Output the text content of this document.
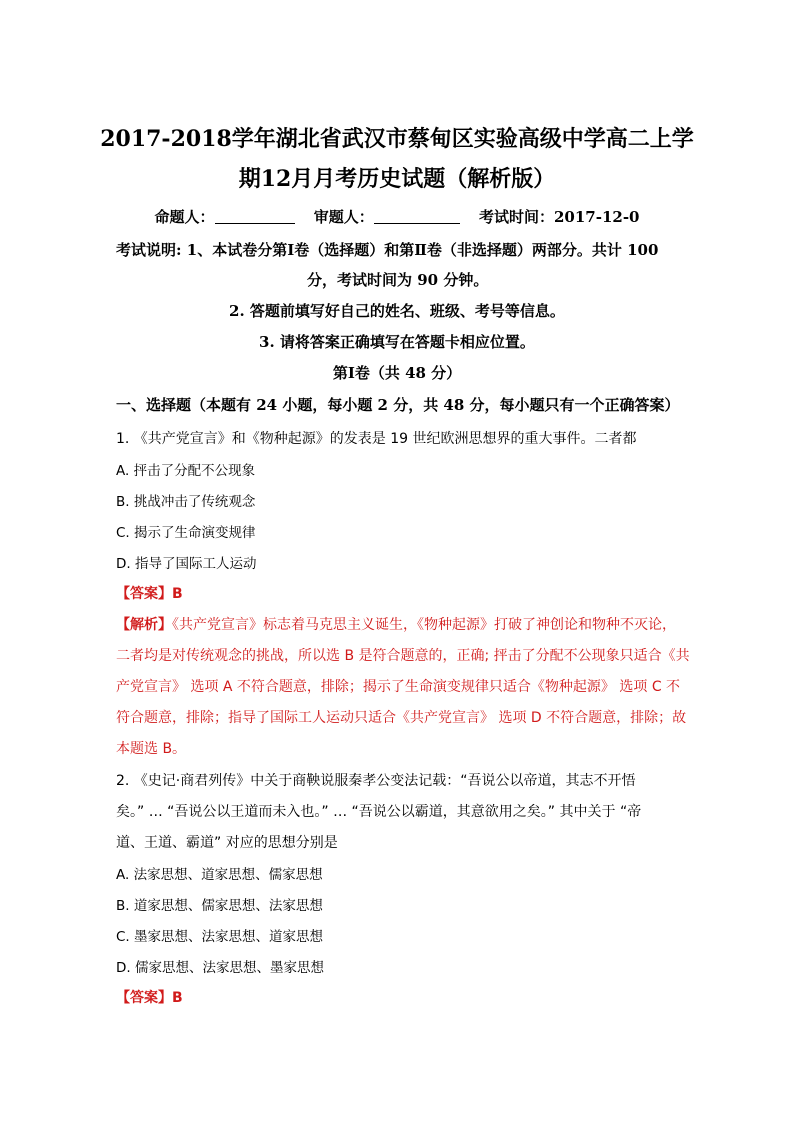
2017-2018学年湖北省武汉市蔡甸区实验高级中学高二上学
期12月月考历史试题（解析版）
命题人：	审题人：	考试时间：2017-12-0
考试说明: 1、本试卷分第Ⅰ卷（选择题）和第Ⅱ卷（非选择题）两部分。共计 100
分，考试时间为 90 分钟。
2. 答题前填写好自己的姓名、班级、考号等信息。
3. 请将答案正确填写在答题卡相应位置。
第Ⅰ卷（共 48 分）
一、选择题（本题有 24 小题，每小题 2 分，共 48 分，每小题只有一个正确答案）
1. 《共产党宣言》和《物种起源》的发表是 19 世纪欧洲思想界的重大事件。二者都
A. 抨击了分配不公现象
B. 挑战冲击了传统观念
C. 揭示了生命演变规律
D. 指导了国际工人运动
【答案】B
【解析】《共产党宣言》标志着马克思主义诞生，《物种起源》打破了神创论和物种不灭论，
二者均是对传统观念的挑战，所以选 B 是符合题意的，正确; 抨击了分配不公现象只适合《共
产党宣言》 选项 A 不符合题意，排除；揭示了生命演变规律只适合《物种起源》 选项 C 不
符合题意，排除；指导了国际工人运动只适合《共产党宣言》 选项 D 不符合题意，排除；故
本题选 B。
2. 《史记·商君列传》中关于商鞅说服秦孝公变法记载：“吾说公以帝道，其志不开悟
矣。” … “吾说公以王道而未入也。” … “吾说公以霸道，其意欲用之矣。” 其中关于 “帝
道、王道、霸道” 对应的思想分别是
A. 法家思想、道家思想、儒家思想
B. 道家思想、儒家思想、法家思想
C. 墨家思想、法家思想、道家思想
D. 儒家思想、法家思想、墨家思想
【答案】B
